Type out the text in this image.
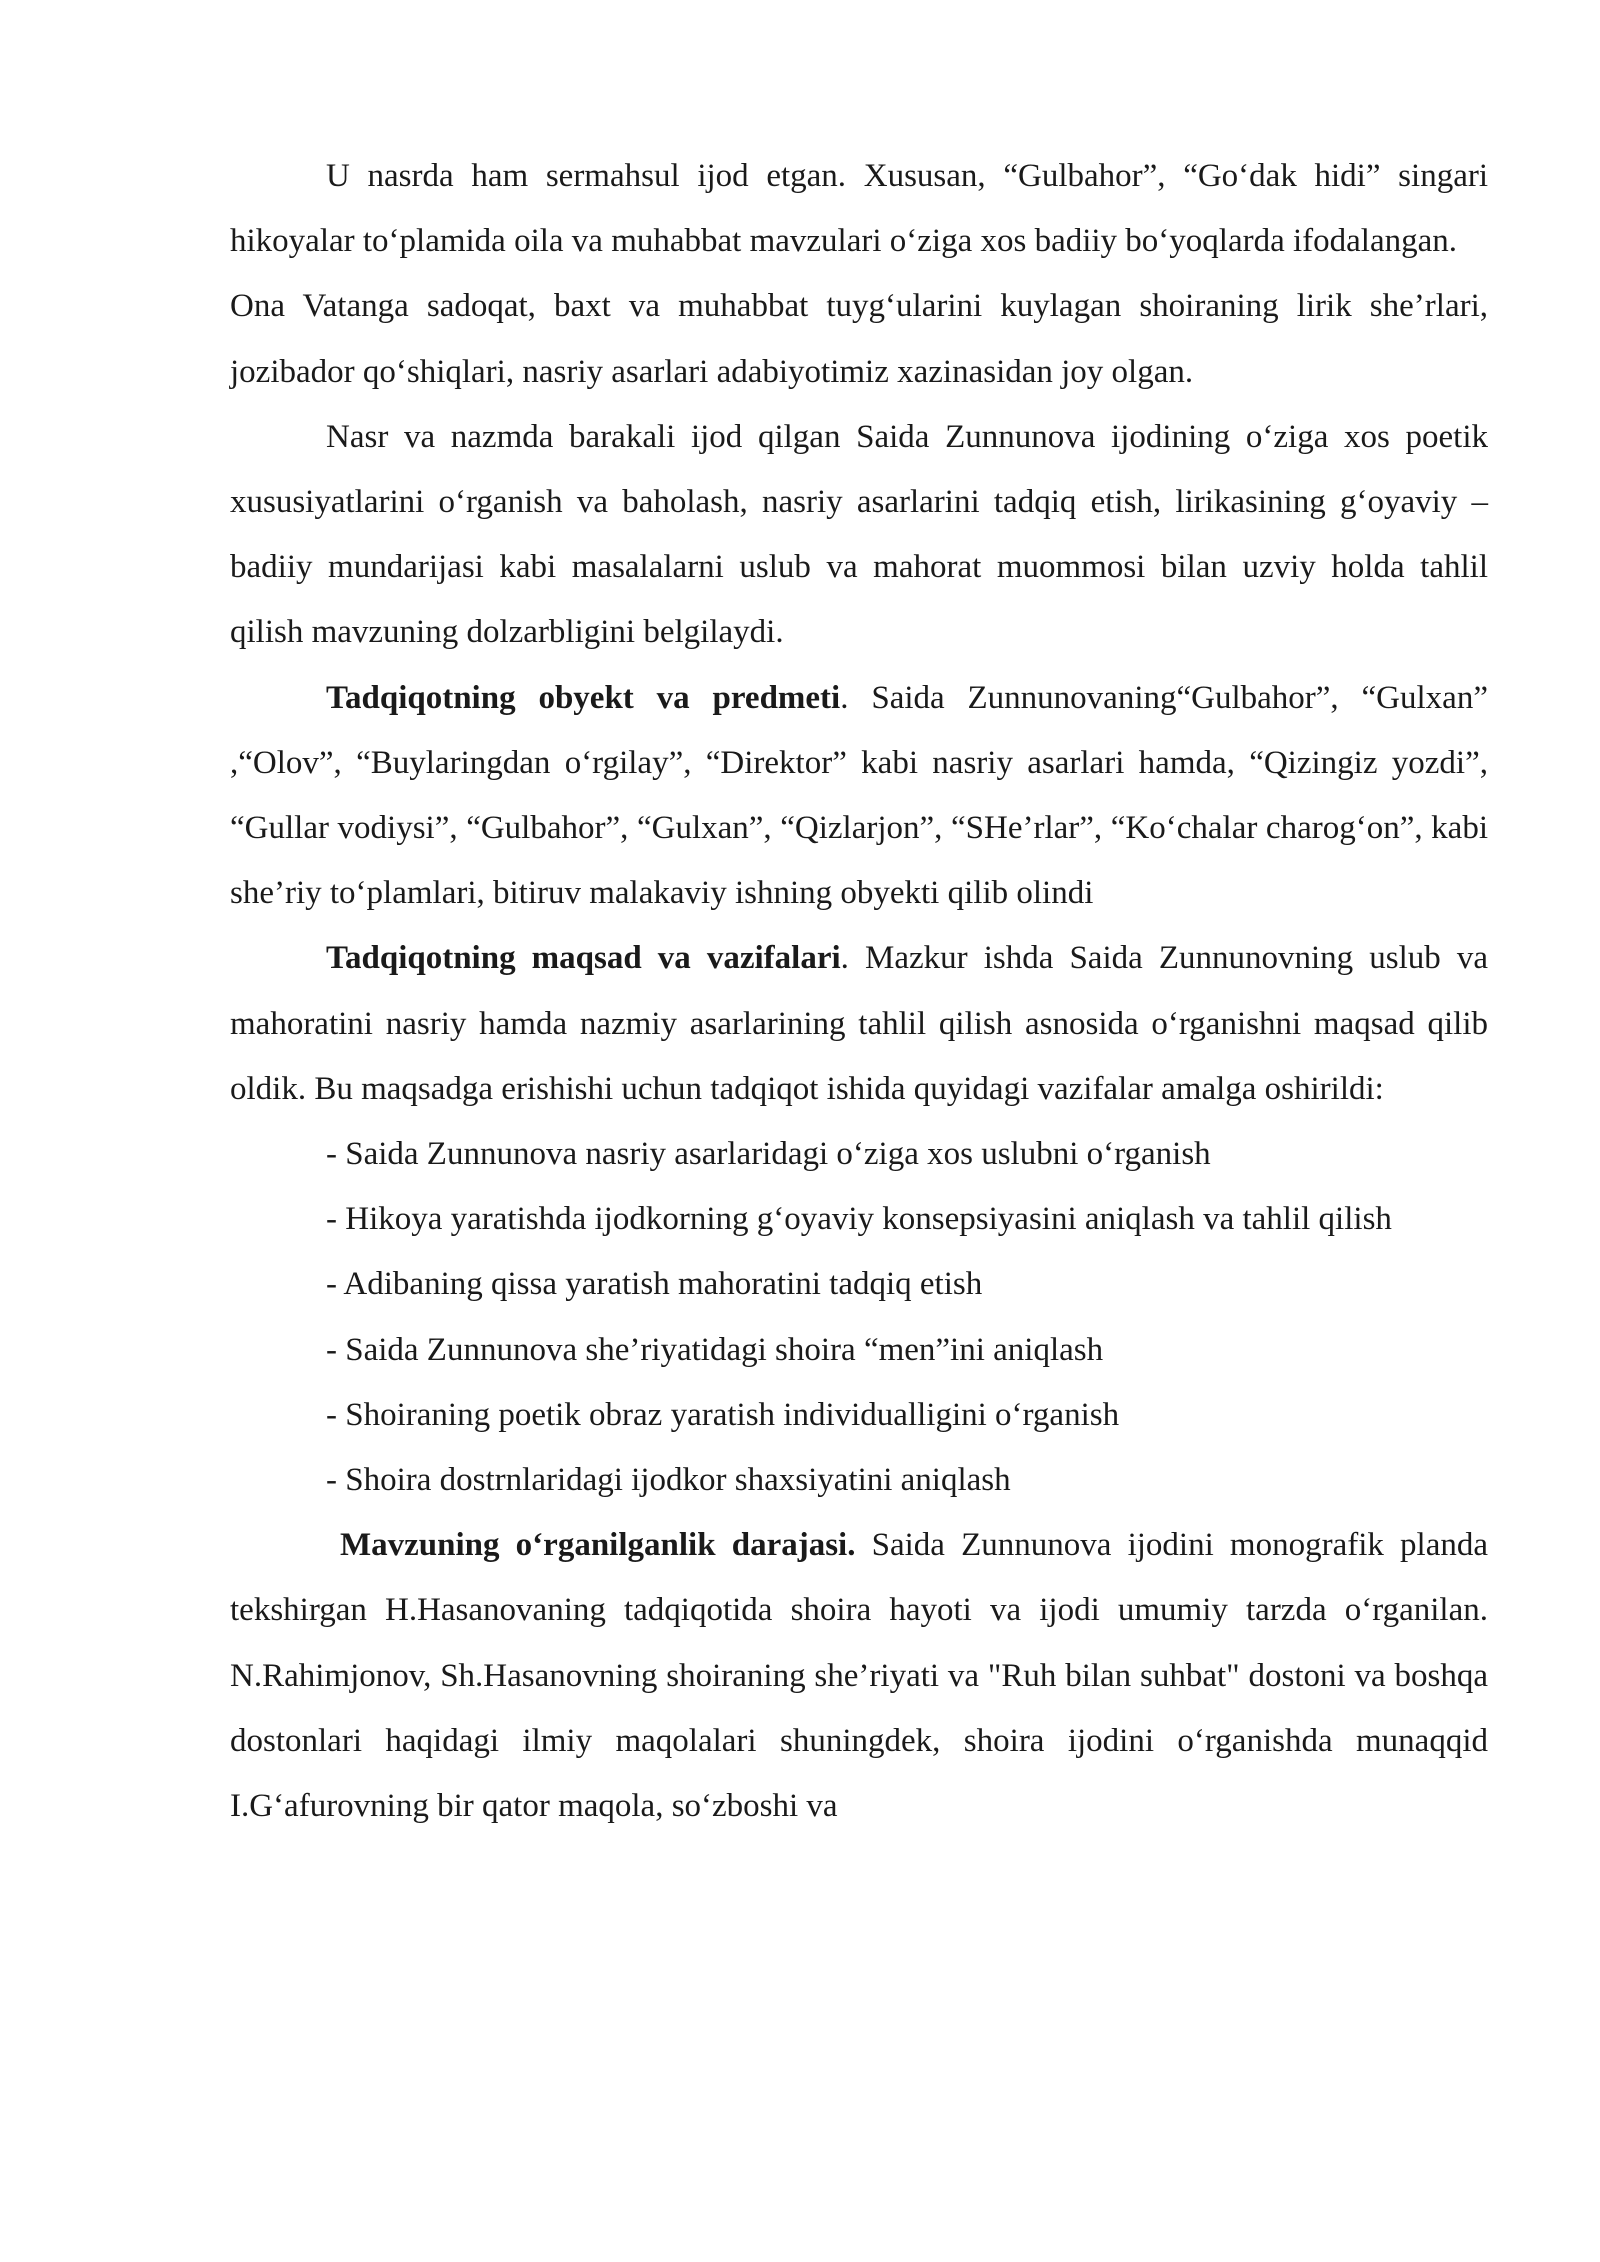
U nasrda ham sermahsul ijod etgan. Xususan, “Gulbahor”, “Go‘dak hidi” singari hikoyalar to‘plamida oila va muhabbat mavzulari o‘ziga xos badiiy bo‘yoqlarda ifodalangan.

Ona Vatanga sadoqat, baxt va muhabbat tuyg‘ularini kuylagan shoiraning lirik she’rlari, jozibador qo‘shiqlari, nasriy asarlari adabiyotimiz xazinasidan joy olgan.

Nasr va nazmda barakali ijod qilgan Saida Zunnunova ijodining o‘ziga xos poetik xususiyatlarini o‘rganish va baholash, nasriy asarlarini tadqiq etish, lirikasining g‘oyaviy – badiiy mundarijasi kabi masalalarni uslub va mahorat muommosi bilan uzviy holda tahlil qilish mavzuning dolzarbligini belgilaydi.

Tadqiqotning obyekt va predmeti. Saida Zunnunovaning“Gulbahor”, “Gulxan” ,“Olov”, “Buylaringdan o‘rgilay”, “Direktor” kabi nasriy asarlari hamda, “Qizingiz yozdi”, “Gullar vodiysi”, “Gulbahor”, “Gulxan”, “Qizlarjon”, “SHe’rlar”, “Ko‘chalar charog‘on”, kabi she’riy to‘plamlari, bitiruv malakaviy ishning obyekti qilib olindi

Tadqiqotning maqsad va vazifalari. Mazkur ishda Saida Zunnunovning uslub va mahoratini nasriy hamda nazmiy asarlarining tahlil qilish asnosida o‘rganishni maqsad qilib oldik. Bu maqsadga erishishi uchun tadqiqot ishida quyidagi vazifalar amalga oshirildi:

- Saida Zunnunova nasriy asarlaridagi o‘ziga xos uslubni o‘rganish

- Hikoya yaratishda ijodkorning g‘oyaviy konsepsiyasini aniqlash va tahlil qilish

- Adibaning qissa yaratish mahoratini tadqiq etish

- Saida Zunnunova she’riyatidagi shoira “men”ini aniqlash

- Shoiraning poetik obraz yaratish individualligini o‘rganish

- Shoira dostrnlaridagi ijodkor shaxsiyatini aniqlash

Mavzuning o‘rganilganlik darajasi. Saida Zunnunova ijodini monografik planda tekshirgan H.Hasanovaning tadqiqotida shoira hayoti va ijodi umumiy tarzda o‘rganilan. N.Rahimjonov, Sh.Hasanovning shoiraning she’riyati va "Ruh bilan suhbat" dostoni va boshqa dostonlari haqidagi ilmiy maqolalari shuningdek, shoira ijodini o‘rganishda munaqqid I.G‘afurovning bir qator maqola, so‘zboshi va
